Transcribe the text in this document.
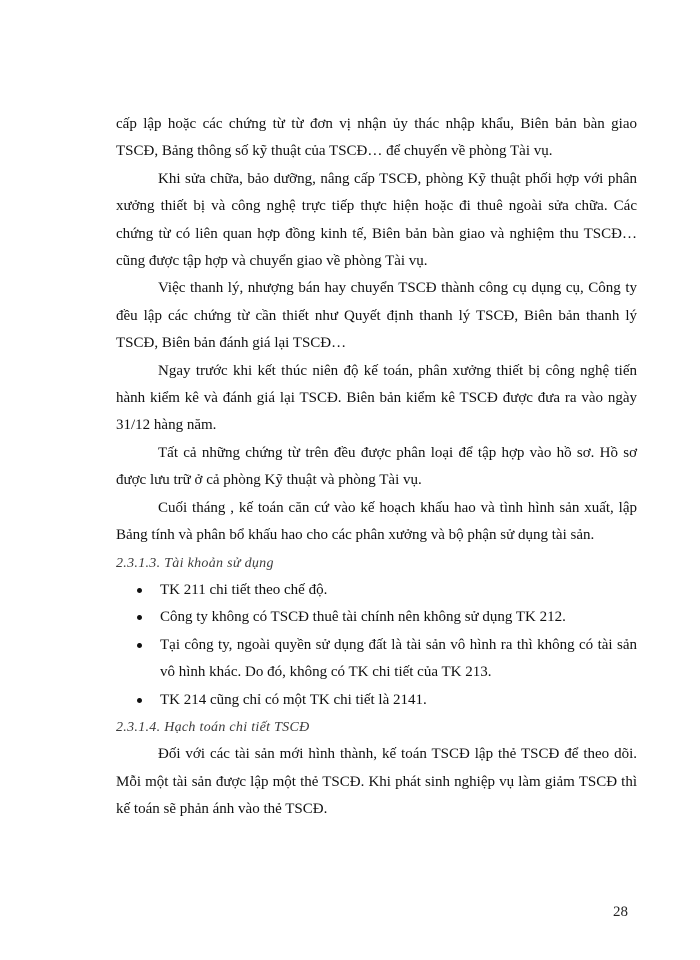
cấp lập hoặc các chứng từ từ đơn vị nhận ủy thác nhập khẩu, Biên bản bàn giao TSCĐ, Bảng thông số kỹ thuật của TSCĐ… để chuyển về phòng Tài vụ.

Khi sửa chữa, bảo dưỡng, nâng cấp TSCĐ, phòng Kỹ thuật phối hợp với phân xưởng thiết bị và công nghệ trực tiếp thực hiện hoặc đi thuê ngoài sửa chữa. Các chứng từ có liên quan hợp đồng kinh tế, Biên bản bàn giao và nghiệm thu TSCĐ… cũng được tập hợp và chuyển giao về phòng Tài vụ.

Việc thanh lý, nhượng bán hay chuyển TSCĐ thành công cụ dụng cụ, Công ty đều lập các chứng từ cần thiết như Quyết định thanh lý TSCĐ, Biên bản thanh lý TSCĐ, Biên bản đánh giá lại TSCĐ…

Ngay trước khi kết thúc niên độ kế toán, phân xưởng thiết bị công nghệ tiến hành kiểm kê và đánh giá lại TSCĐ. Biên bản kiểm kê TSCĐ được đưa ra vào ngày 31/12 hàng năm.

Tất cả những chứng từ trên đều được phân loại để tập hợp vào hồ sơ. Hồ sơ được lưu trữ ở cả phòng Kỹ thuật và phòng Tài vụ.

Cuối tháng , kế toán căn cứ vào kế hoạch khấu hao và tình hình sản xuất, lập Bảng tính và phân bổ khấu hao cho các phân xưởng và bộ phận sử dụng tài sản.

2.3.1.3. Tài khoản sử dụng

TK 211 chi tiết theo chế độ.
Công ty không có TSCĐ thuê tài chính nên không sử dụng TK 212.
Tại công ty, ngoài quyền sử dụng đất là tài sản vô hình ra thì không có tài sản vô hình khác. Do đó, không có TK chi tiết của TK 213.
TK 214 cũng chỉ có một TK chi tiết là 2141.

2.3.1.4. Hạch toán chi tiết TSCĐ

Đối với các tài sản mới hình thành, kế toán TSCĐ lập thẻ TSCĐ để theo dõi. Mỗi một tài sản được lập một thẻ TSCĐ. Khi phát sinh nghiệp vụ làm giảm TSCĐ thì kế toán sẽ phản ánh vào thẻ TSCĐ.

28
